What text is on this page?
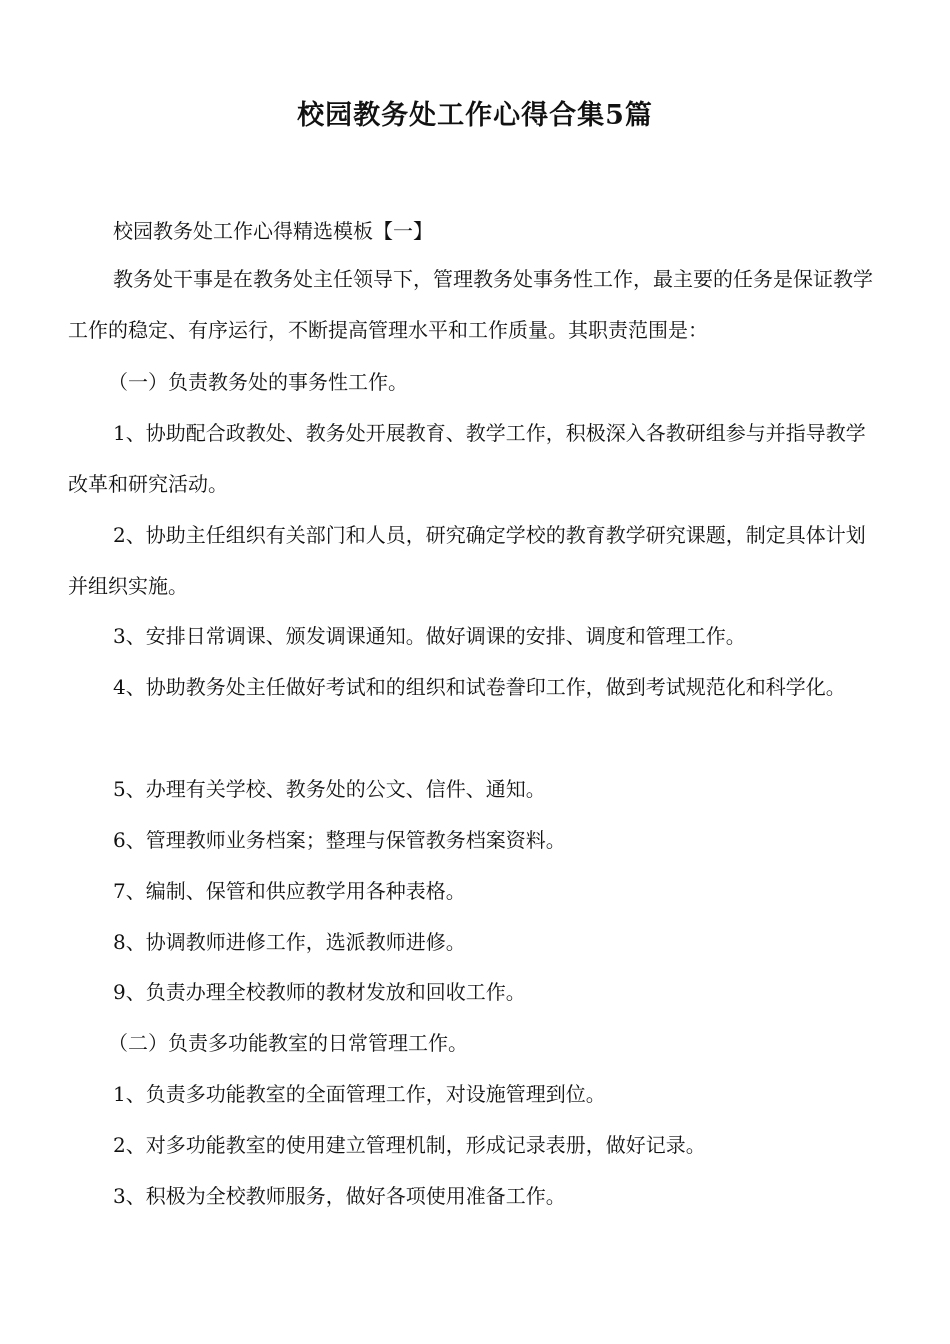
校园教务处工作心得合集5篇

校园教务处工作心得精选模板【一】

教务处干事是在教务处主任领导下，管理教务处事务性工作，最主要的任务是保证教学工作的稳定、有序运行，不断提高管理水平和工作质量。其职责范围是：

（一）负责教务处的事务性工作。

1、协助配合政教处、教务处开展教育、教学工作，积极深入各教研组参与并指导教学改革和研究活动。

2、协助主任组织有关部门和人员，研究确定学校的教育教学研究课题，制定具体计划并组织实施。

3、安排日常调课、颁发调课通知。做好调课的安排、调度和管理工作。

4、协助教务处主任做好考试和的组织和试卷誊印工作，做到考试规范化和科学化。

5、办理有关学校、教务处的公文、信件、通知。

6、管理教师业务档案；整理与保管教务档案资料。

7、编制、保管和供应教学用各种表格。

8、协调教师进修工作，选派教师进修。

9、负责办理全校教师的教材发放和回收工作。

（二）负责多功能教室的日常管理工作。

1、负责多功能教室的全面管理工作，对设施管理到位。

2、对多功能教室的使用建立管理机制，形成记录表册，做好记录。

3、积极为全校教师服务，做好各项使用准备工作。
